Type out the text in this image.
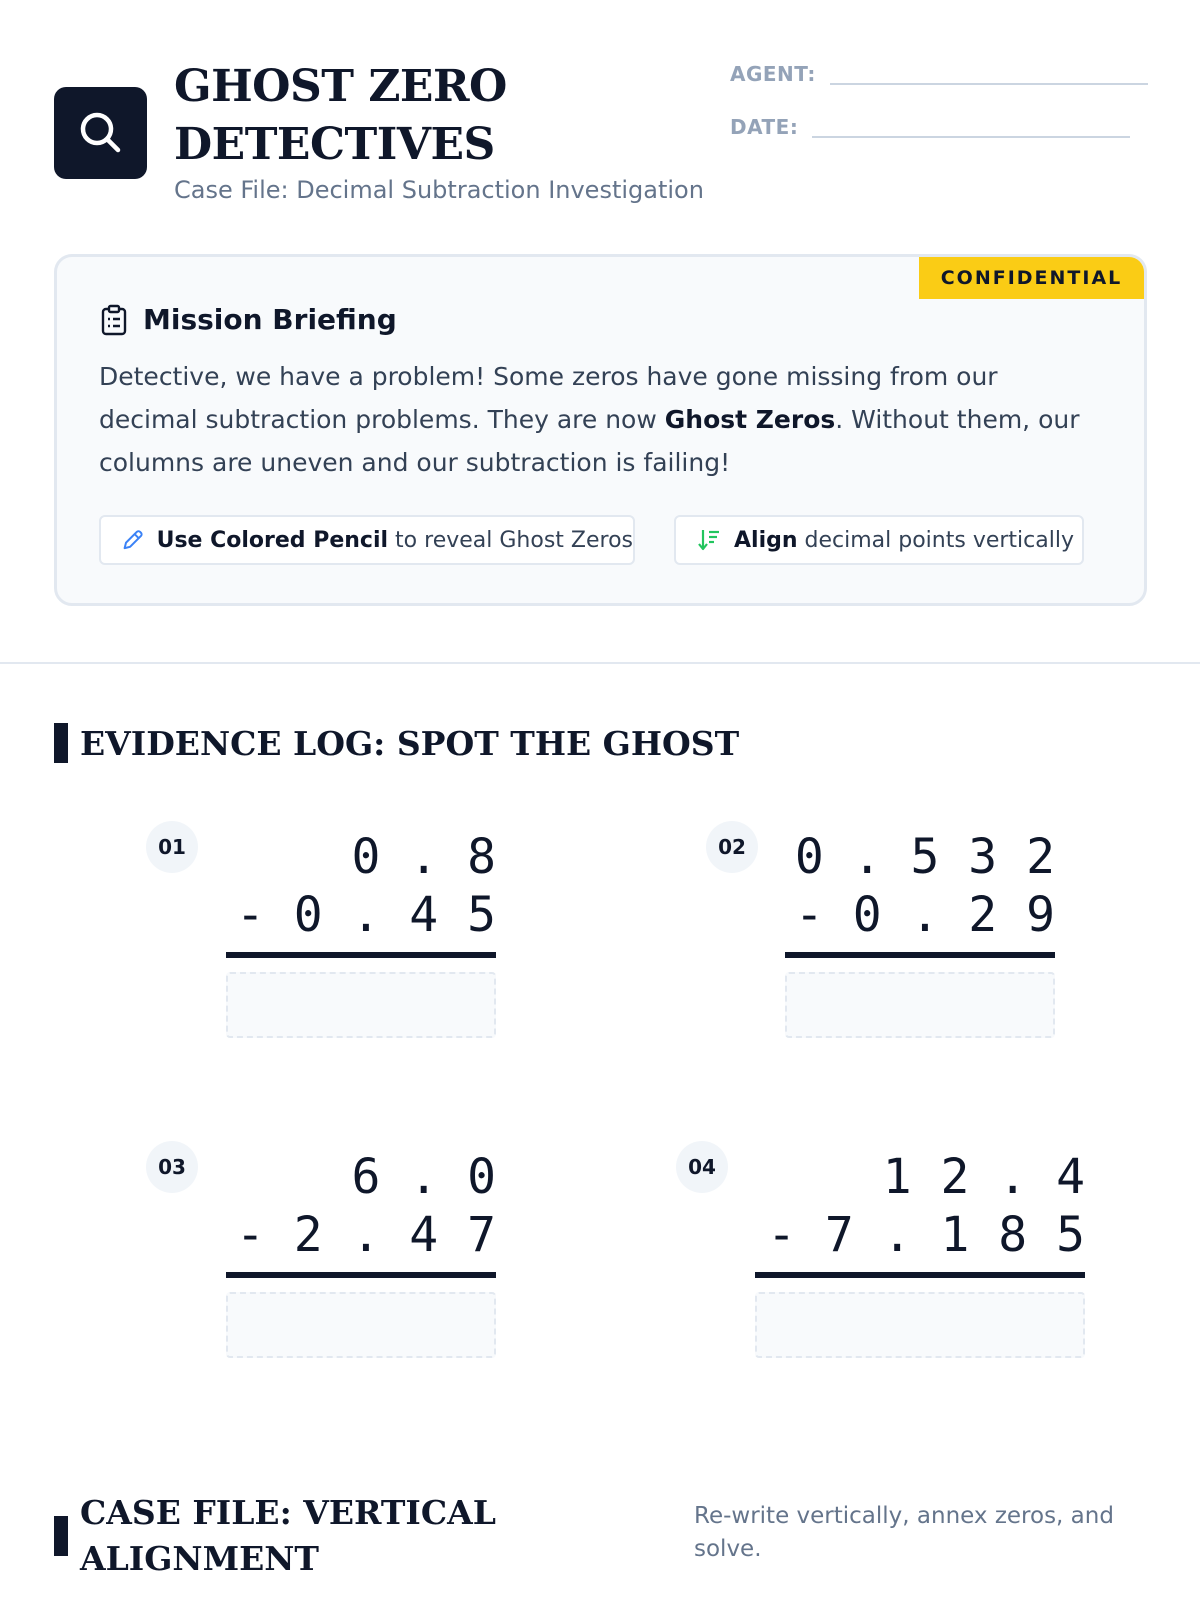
GHOST ZERO
DETECTIVES
Case File: Decimal Subtraction Investigation
AGENT:
DATE:
CONFIDENTIAL
Mission Briefing
Detective, we have a problem! Some zeros have gone missing from our decimal subtraction problems. They are now Ghost Zeros. Without them, our columns are uneven and our subtraction is failing!
Use Colored Pencil to reveal Ghost Zeros	Align decimal points vertically
EVIDENCE LOG: SPOT THE GHOST
01	0 . 8
- 0 . 4 5
02 0 . 5 3 2
- 0 . 2 9
03	6 . 0
- 2 . 4 7
04	1 2 . 4
- 7 . 1 8 5
CASE FILE: VERTICAL
ALIGNMENT
Re-write vertically, annex zeros, and solve.
